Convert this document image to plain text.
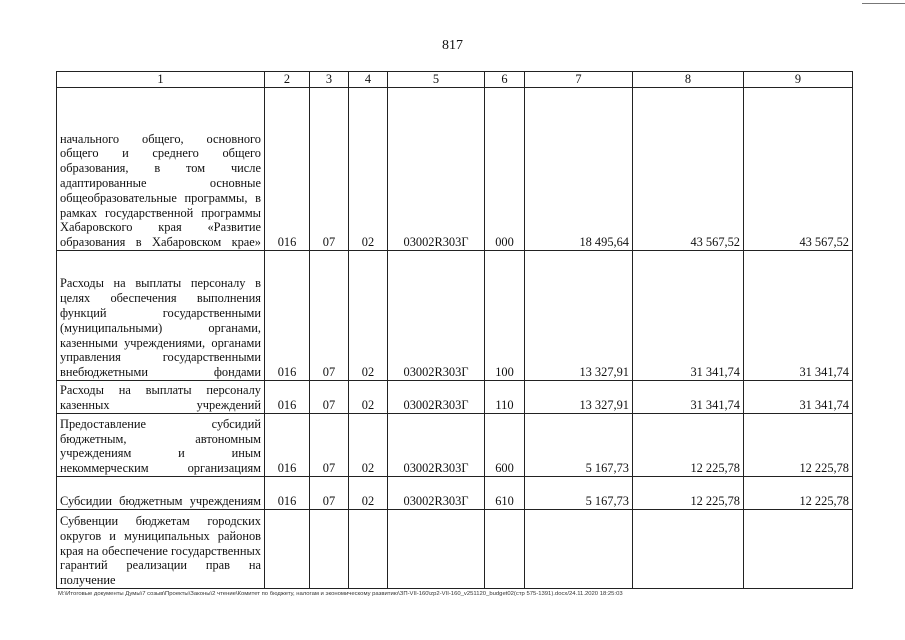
817
1	2	3	4	5	6	7	8	9
начального общего, основного общего и среднего общего образования, в том числе адаптированные основные общеобразовательные программы, в рамках государственной программы Хабаровского края «Развитие образования в Хабаровском крае»	016	07	02	03002R303Г	000	18 495,64	43 567,52	43 567,52
Расходы на выплаты персоналу в целях обеспечения выполнения функций государственными (муниципальными) органами, казенными учреждениями, органами управления государственными внебюджетными фондами	016	07	02	03002R303Г	100	13 327,91	31 341,74	31 341,74
Расходы на выплаты персоналу казенных учреждений	016	07	02	03002R303Г	110	13 327,91	31 341,74	31 341,74
Предоставление субсидий бюджетным, автономным учреждениям и иным некоммерческим организациям	016	07	02	03002R303Г	600	5 167,73	12 225,78	12 225,78
Субсидии бюджетным учреждениям	016	07	02	03002R303Г	610	5 167,73	12 225,78	12 225,78
Субвенции бюджетам городских округов и муниципальных районов края на обеспечение государственных гарантий реализации прав на получение								
M:\Итоговые документы Думы\7 созыв\Проекты\Законы\2 чтение\Комитет по бюджету, налогам и экономическому развитию\ЗП-VII-160\zp2-VII-160_v251120_budget02(стр 575-1391).docx/24.11.2020 18:25:03
